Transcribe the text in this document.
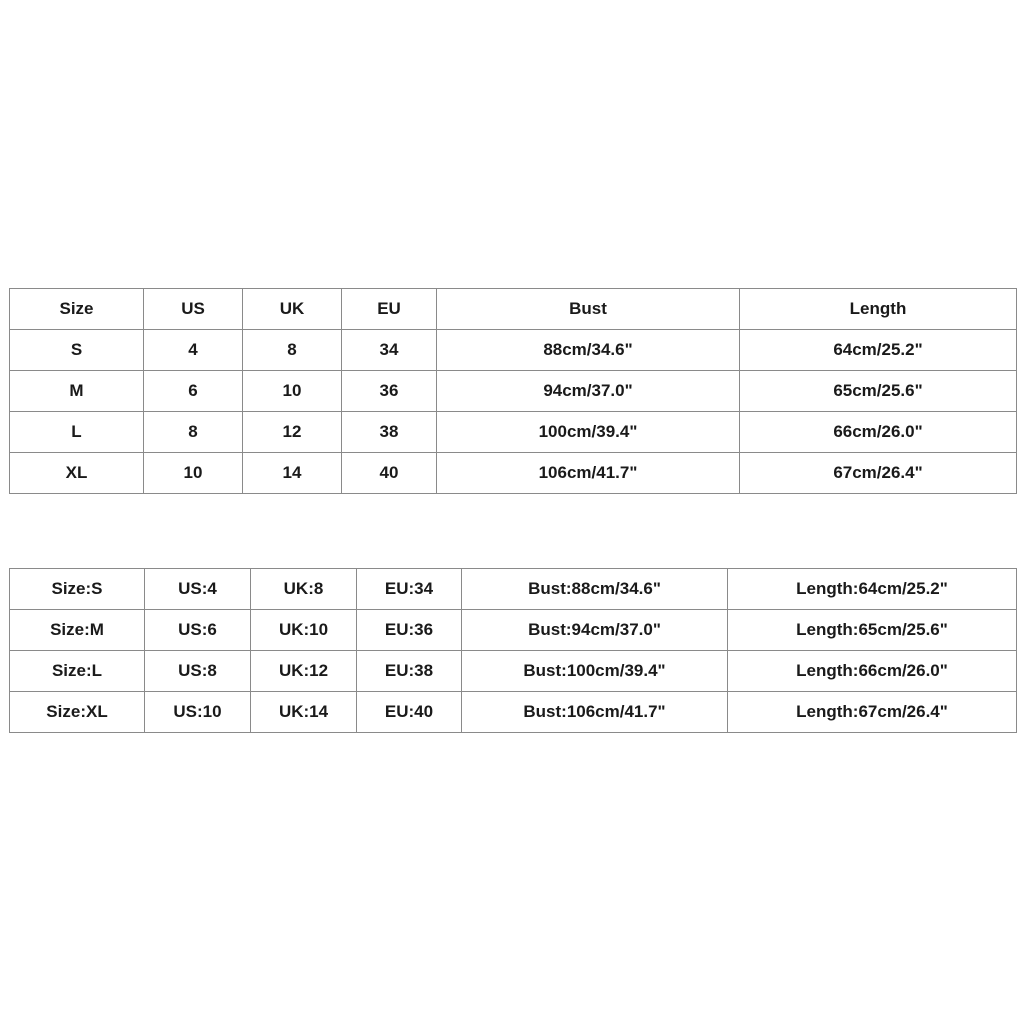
Size	US	UK	EU	Bust	Length
S	4	8	34	88cm/34.6"	64cm/25.2"
M	6	10	36	94cm/37.0"	65cm/25.6"
L	8	12	38	100cm/39.4"	66cm/26.0"
XL	10	14	40	106cm/41.7"	67cm/26.4"
Size:S	US:4	UK:8	EU:34	Bust:88cm/34.6"	Length:64cm/25.2"
Size:M	US:6	UK:10	EU:36	Bust:94cm/37.0"	Length:65cm/25.6"
Size:L	US:8	UK:12	EU:38	Bust:100cm/39.4"	Length:66cm/26.0"
Size:XL	US:10	UK:14	EU:40	Bust:106cm/41.7"	Length:67cm/26.4"
